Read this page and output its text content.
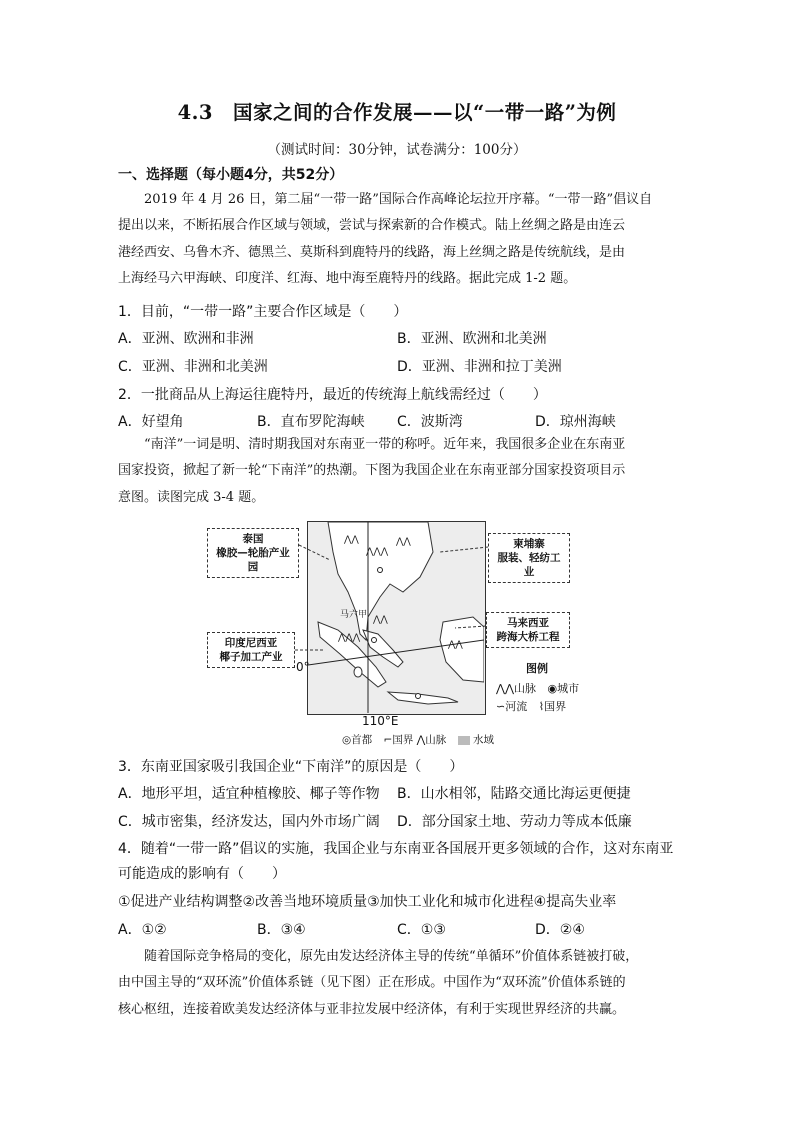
4.3　国家之间的合作发展——以“一带一路”为例
（测试时间：30分钟，试卷满分：100分）
一、选择题（每小题4分，共52分）
2019 年 4 月 26 日，第二届“一带一路”国际合作高峰论坛拉开序幕。“一带一路”倡议自
提出以来，不断拓展合作区域与领域，尝试与探索新的合作模式。陆上丝绸之路是由连云
港经西安、乌鲁木齐、德黑兰、莫斯科到鹿特丹的线路，海上丝绸之路是传统航线，是由
上海经马六甲海峡、印度洋、红海、地中海至鹿特丹的线路。据此完成 1-2 题。
1．目前，“一带一路”主要合作区域是（　　）
A．亚洲、欧洲和非洲	B．亚洲、欧洲和北美洲
C．亚洲、非洲和北美洲	D．亚洲、非洲和拉丁美洲
2．一批商品从上海运往鹿特丹，最近的传统海上航线需经过（　　）
A．好望角	B．直布罗陀海峡 C．波斯湾	D．琼州海峡
“南洋”一词是明、清时期我国对东南亚一带的称呼。近年来，我国很多企业在东南亚
国家投资，掀起了新一轮“下南洋”的热潮。下图为我国企业在东南亚部分国家投资项目示
意图。读图完成 3-4 题。
⋀⋀
⋀⋀⋀
⋀⋀
⋀⋀
⋀⋀⋀
⋀⋀
马六甲
泰国
橡胶—轮胎产业园
柬埔寨
服装、轻纺工业
马来西亚
跨海大桥工程
印度尼西亚
椰子加工产业
0°
110°E
◎首都 ⌐国界 ⋀山脉	水域
图例
⋀⋀山脉 ◉城市
∽河流 ⌇国界
3．东南亚国家吸引我国企业“下南洋”的原因是（　　）
A．地形平坦，适宜种植橡胶、椰子等作物 B．山水相邻，陆路交通比海运更便捷
C．城市密集，经济发达，国内外市场广阔 D．部分国家土地、劳动力等成本低廉
4．随着“一带一路”倡议的实施，我国企业与东南亚各国展开更多领域的合作，这对东南亚
可能造成的影响有（　　）
①促进产业结构调整②改善当地环境质量③加快工业化和城市化进程④提高失业率
A．①②	B．③④	C．①③	D．②④
随着国际竞争格局的变化，原先由发达经济体主导的传统“单循环”价值体系链被打破，
由中国主导的“双环流”价值体系链（见下图）正在形成。中国作为“双环流”价值体系链的
核心枢纽，连接着欧美发达经济体与亚非拉发展中经济体，有利于实现世界经济的共赢。
